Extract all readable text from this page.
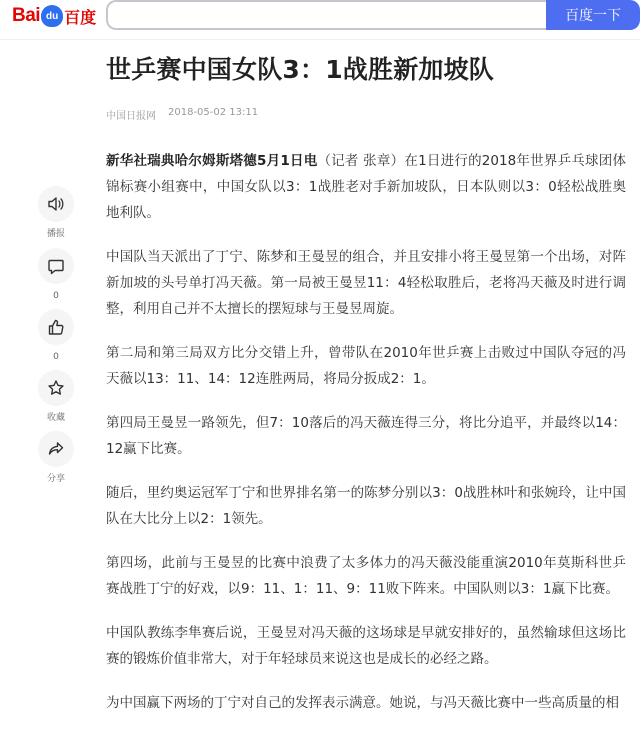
Bai du 百度	百度一下
世乒赛中国女队3：1战胜新加坡队
中国日报网 2018-05-02 13:11
播报
0
0
收藏
分享

新华社瑞典哈尔姆斯塔德5月1日电（记者 张章）在1日进行的2018年世界乒乓球团体锦标赛小组赛中，中国女队以3：1战胜老对手新加坡队，日本队则以3：0轻松战胜奥地利队。

中国队当天派出了丁宁、陈梦和王曼昱的组合，并且安排小将王曼昱第一个出场，对阵新加坡的头号单打冯天薇。第一局被王曼昱11：4轻松取胜后，老将冯天薇及时进行调整，利用自己并不太擅长的摆短球与王曼昱周旋。

第二局和第三局双方比分交错上升，曾带队在2010年世乒赛上击败过中国队夺冠的冯天薇以13：11、14：12连胜两局，将局分扳成2：1。

第四局王曼昱一路领先，但7：10落后的冯天薇连得三分，将比分追平，并最终以14：12赢下比赛。

随后，里约奥运冠军丁宁和世界排名第一的陈梦分别以3：0战胜林叶和张婉玲，让中国队在大比分上以2：1领先。

第四场，此前与王曼昱的比赛中浪费了太多体力的冯天薇没能重演2010年莫斯科世乒赛战胜丁宁的好戏，以9：11、1：11、9：11败下阵来。中国队则以3：1赢下比赛。

中国队教练李隼赛后说，王曼昱对冯天薇的这场球是早就安排好的，虽然输球但这场比赛的锻炼价值非常大，对于年轻球员来说这也是成长的必经之路。

为中国赢下两场的丁宁对自己的发挥表示满意。她说，与冯天薇比赛中一些高质量的相
